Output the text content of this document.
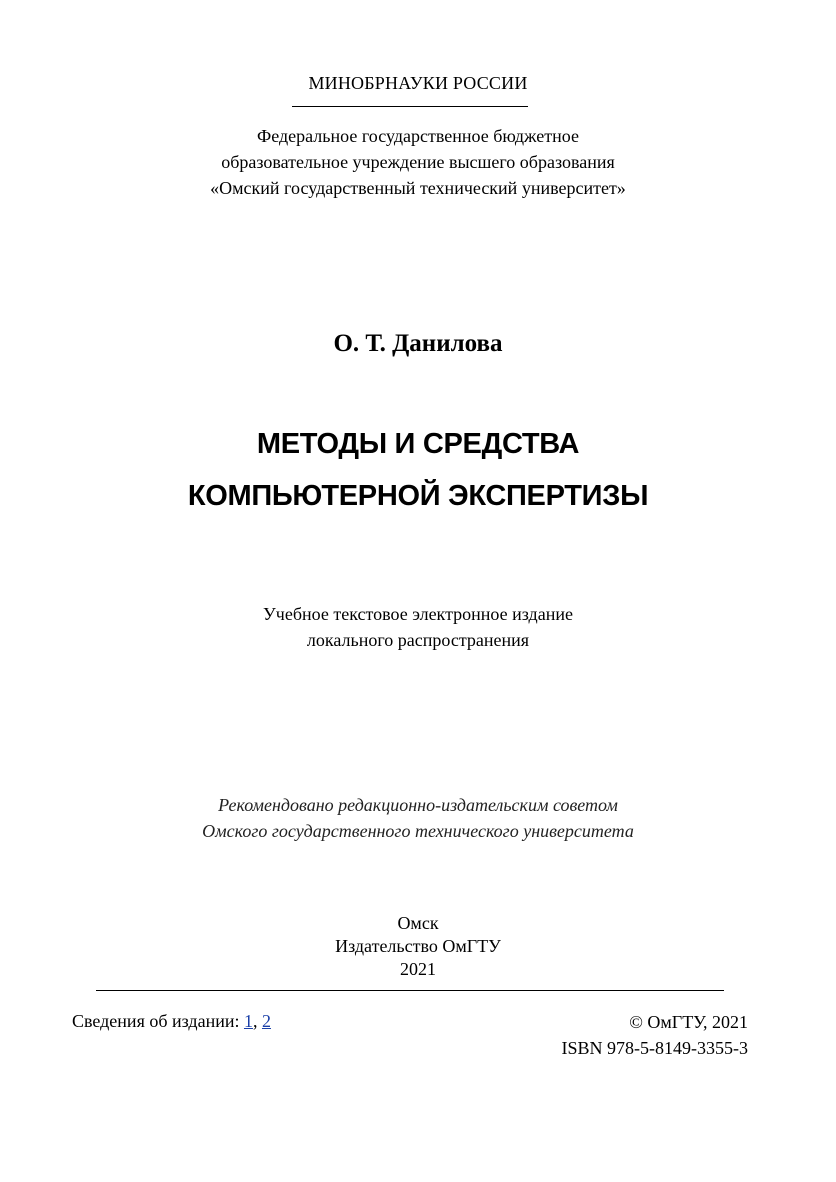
МИНОБРНАУКИ РОССИИ
Федеральное государственное бюджетное
образовательное учреждение высшего образования
«Омский государственный технический университет»
О. Т. Данилова
МЕТОДЫ И СРЕДСТВА
КОМПЬЮТЕРНОЙ ЭКСПЕРТИЗЫ
Учебное текстовое электронное издание
локального распространения
Рекомендовано редакционно-издательским советом
Омского государственного технического университета
Омск
Издательство ОмГТУ
2021
Сведения об издании: 1, 2	© ОмГТУ, 2021
ISBN 978-5-8149-3355-3
